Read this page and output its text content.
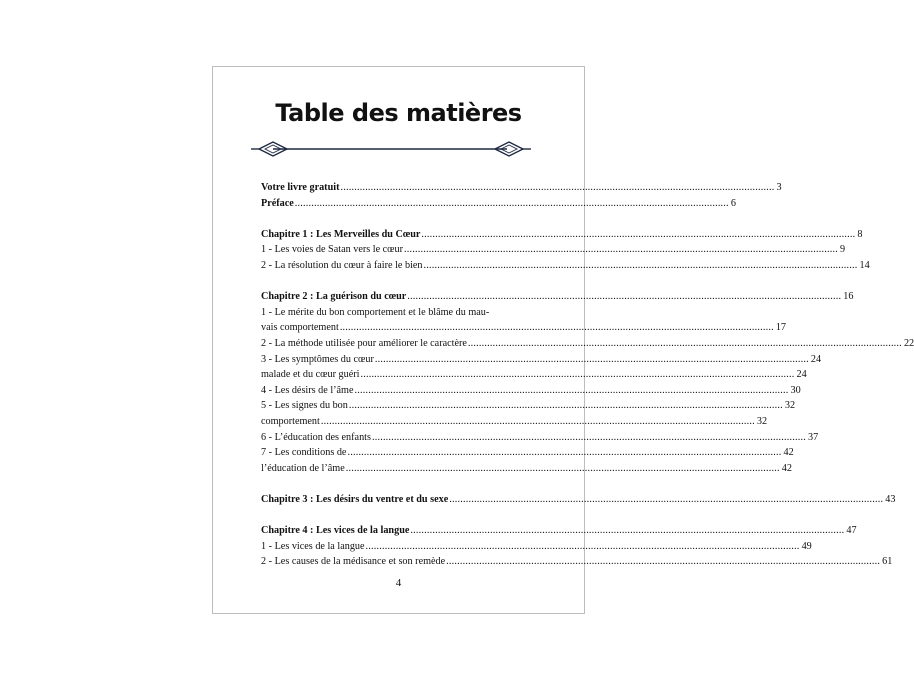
Table des matières
Votre livre gratuit .............................................................................................................................................................. 3
Préface .............................................................................................................................................................. 6
Chapitre 1 : Les Merveilles du Cœur .............................................................................................................................................................. 8
1 - Les voies de Satan vers le cœur .............................................................................................................................................................. 9
2 - La résolution du cœur à faire le bien .............................................................................................................................................................. 14
Chapitre 2 : La guérison du cœur .............................................................................................................................................................. 16
1 - Le mérite du bon comportement et le blâme du mau-
vais comportement .............................................................................................................................................................. 17
2 - La méthode utilisée pour améliorer le caractère .............................................................................................................................................................. 22
3 - Les symptômes du cœur .............................................................................................................................................................. 24
malade et du cœur guéri .............................................................................................................................................................. 24
4 - Les désirs de l’âme .............................................................................................................................................................. 30
5 - Les signes du bon .............................................................................................................................................................. 32
comportement .............................................................................................................................................................. 32
6 - L’éducation des enfants .............................................................................................................................................................. 37
7 - Les conditions de .............................................................................................................................................................. 42
l’éducation de l’âme .............................................................................................................................................................. 42
Chapitre 3 : Les désirs du ventre et du sexe .............................................................................................................................................................. 43
Chapitre 4 : Les vices de la langue .............................................................................................................................................................. 47
1 - Les vices de la langue .............................................................................................................................................................. 49
2 - Les causes de la médisance et son remède .............................................................................................................................................................. 61
4
